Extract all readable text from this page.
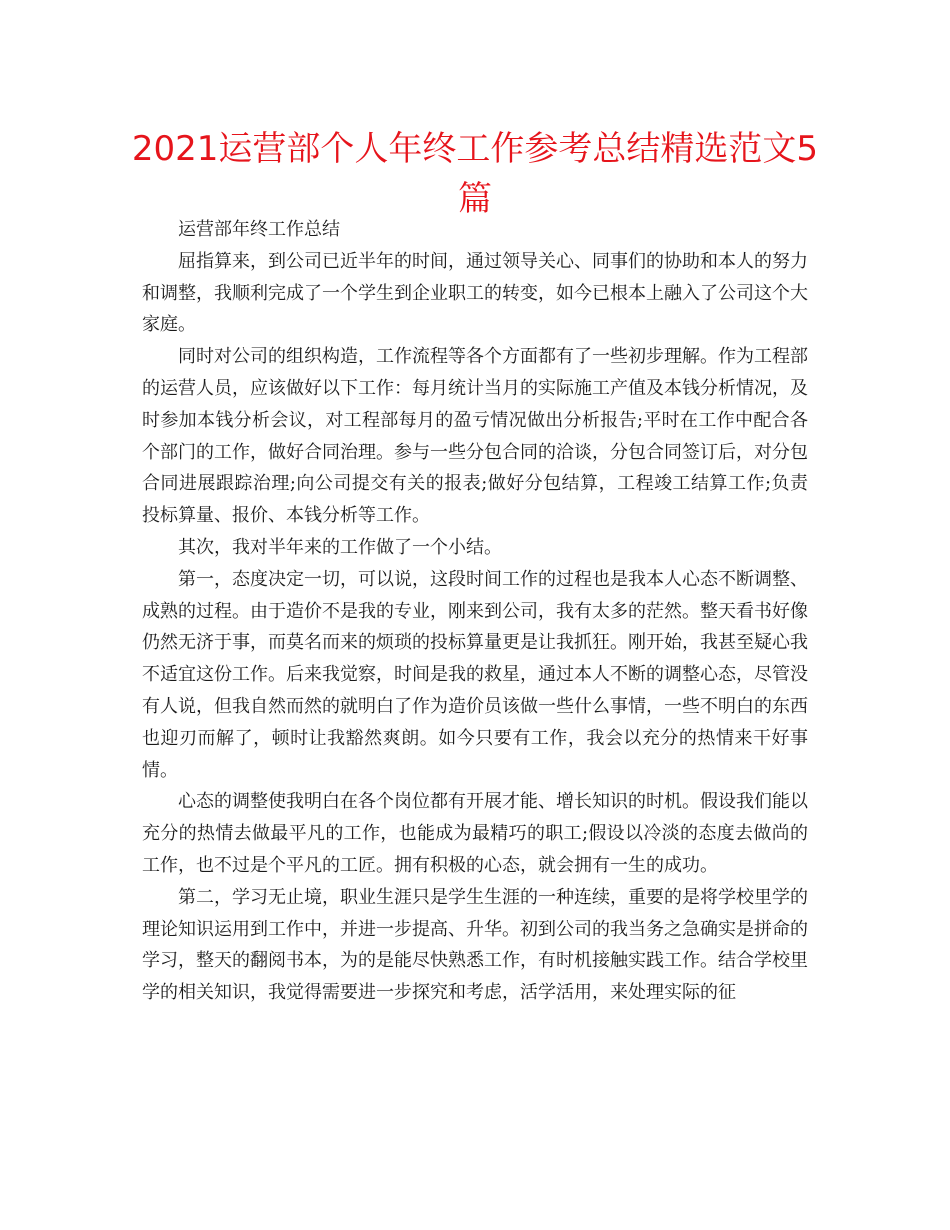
2021运营部个人年终工作参考总结精选范文5篇

运营部年终工作总结

屈指算来，到公司已近半年的时间，通过领导关心、同事们的协助和本人的努力和调整，我顺利完成了一个学生到企业职工的转变，如今已根本上融入了公司这个大家庭。

同时对公司的组织构造，工作流程等各个方面都有了一些初步理解。作为工程部的运营人员，应该做好以下工作：每月统计当月的实际施工产值及本钱分析情况，及时参加本钱分析会议，对工程部每月的盈亏情况做出分析报告;平时在工作中配合各个部门的工作，做好合同治理。参与一些分包合同的洽谈，分包合同签订后，对分包合同进展跟踪治理;向公司提交有关的报表;做好分包结算，工程竣工结算工作;负责投标算量、报价、本钱分析等工作。

其次，我对半年来的工作做了一个小结。

第一，态度决定一切，可以说，这段时间工作的过程也是我本人心态不断调整、成熟的过程。由于造价不是我的专业，刚来到公司，我有太多的茫然。整天看书好像仍然无济于事，而莫名而来的烦琐的投标算量更是让我抓狂。刚开始，我甚至疑心我不适宜这份工作。后来我觉察，时间是我的救星，通过本人不断的调整心态，尽管没有人说，但我自然而然的就明白了作为造价员该做一些什么事情，一些不明白的东西也迎刃而解了，顿时让我豁然爽朗。如今只要有工作，我会以充分的热情来干好事情。

心态的调整使我明白在各个岗位都有开展才能、增长知识的时机。假设我们能以充分的热情去做最平凡的工作，也能成为最精巧的职工;假设以冷淡的态度去做尚的工作，也不过是个平凡的工匠。拥有积极的心态，就会拥有一生的成功。

第二，学习无止境，职业生涯只是学生生涯的一种连续，重要的是将学校里学的理论知识运用到工作中，并进一步提高、升华。初到公司的我当务之急确实是拼命的学习，整天的翻阅书本，为的是能尽快熟悉工作，有时机接触实践工作。结合学校里学的相关知识，我觉得需要进一步探究和考虑，活学活用，来处理实际的征
